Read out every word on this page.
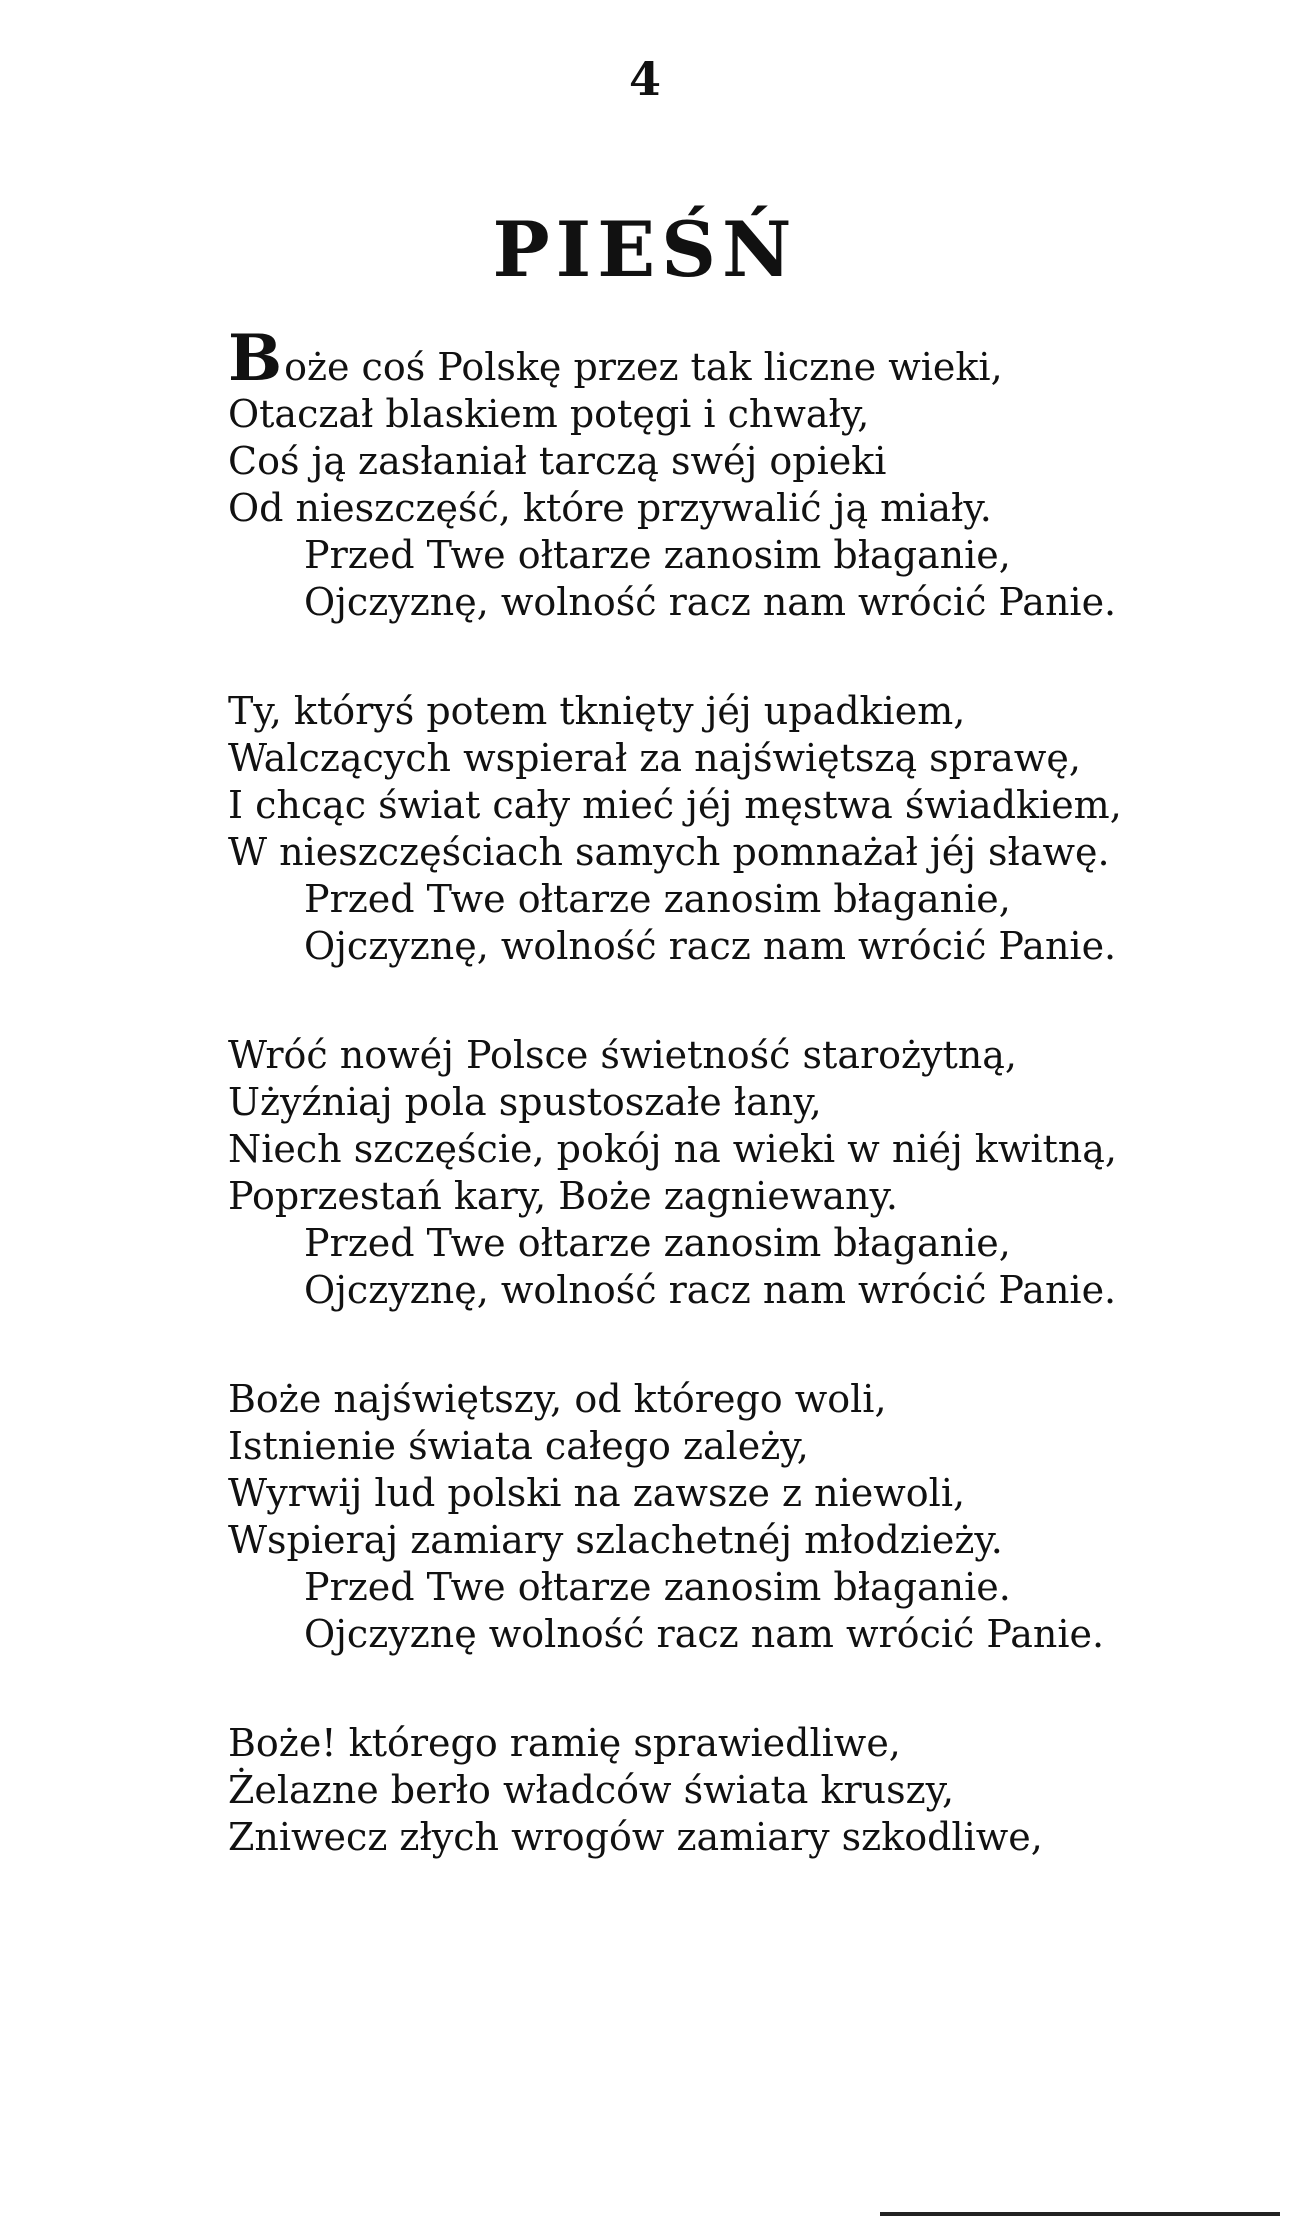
4
PIEŚŃ
Boże coś Polskę przez tak liczne wieki,
Otaczał blaskiem potęgi i chwały,
Coś ją zasłaniał tarczą swéj opieki
Od nieszczęść, które przywalić ją miały.
Przed Twe ołtarze zanosim błaganie,
Ojczyznę, wolność racz nam wrócić Panie.
Ty, któryś potem tknięty jéj upadkiem,
Walczących wspierał za najświętszą sprawę,
I chcąc świat cały mieć jéj męstwa świadkiem,
W nieszczęściach samych pomnażał jéj sławę.
Przed Twe ołtarze zanosim błaganie,
Ojczyznę, wolność racz nam wrócić Panie.
Wróć nowéj Polsce świetność starożytną,
Użyźniaj pola spustoszałe łany,
Niech szczęście, pokój na wieki w niéj kwitną,
Poprzestań kary, Boże zagniewany.
Przed Twe ołtarze zanosim błaganie,
Ojczyznę, wolność racz nam wrócić Panie.
Boże najświętszy, od którego woli,
Istnienie świata całego zależy,
Wyrwij lud polski na zawsze z niewoli,
Wspieraj zamiary szlachetnéj młodzieży.
Przed Twe ołtarze zanosim błaganie.
Ojczyznę wolność racz nam wrócić Panie.
Boże! którego ramię sprawiedliwe,
Żelazne berło władców świata kruszy,
Zniwecz złych wrogów zamiary szkodliwe,
